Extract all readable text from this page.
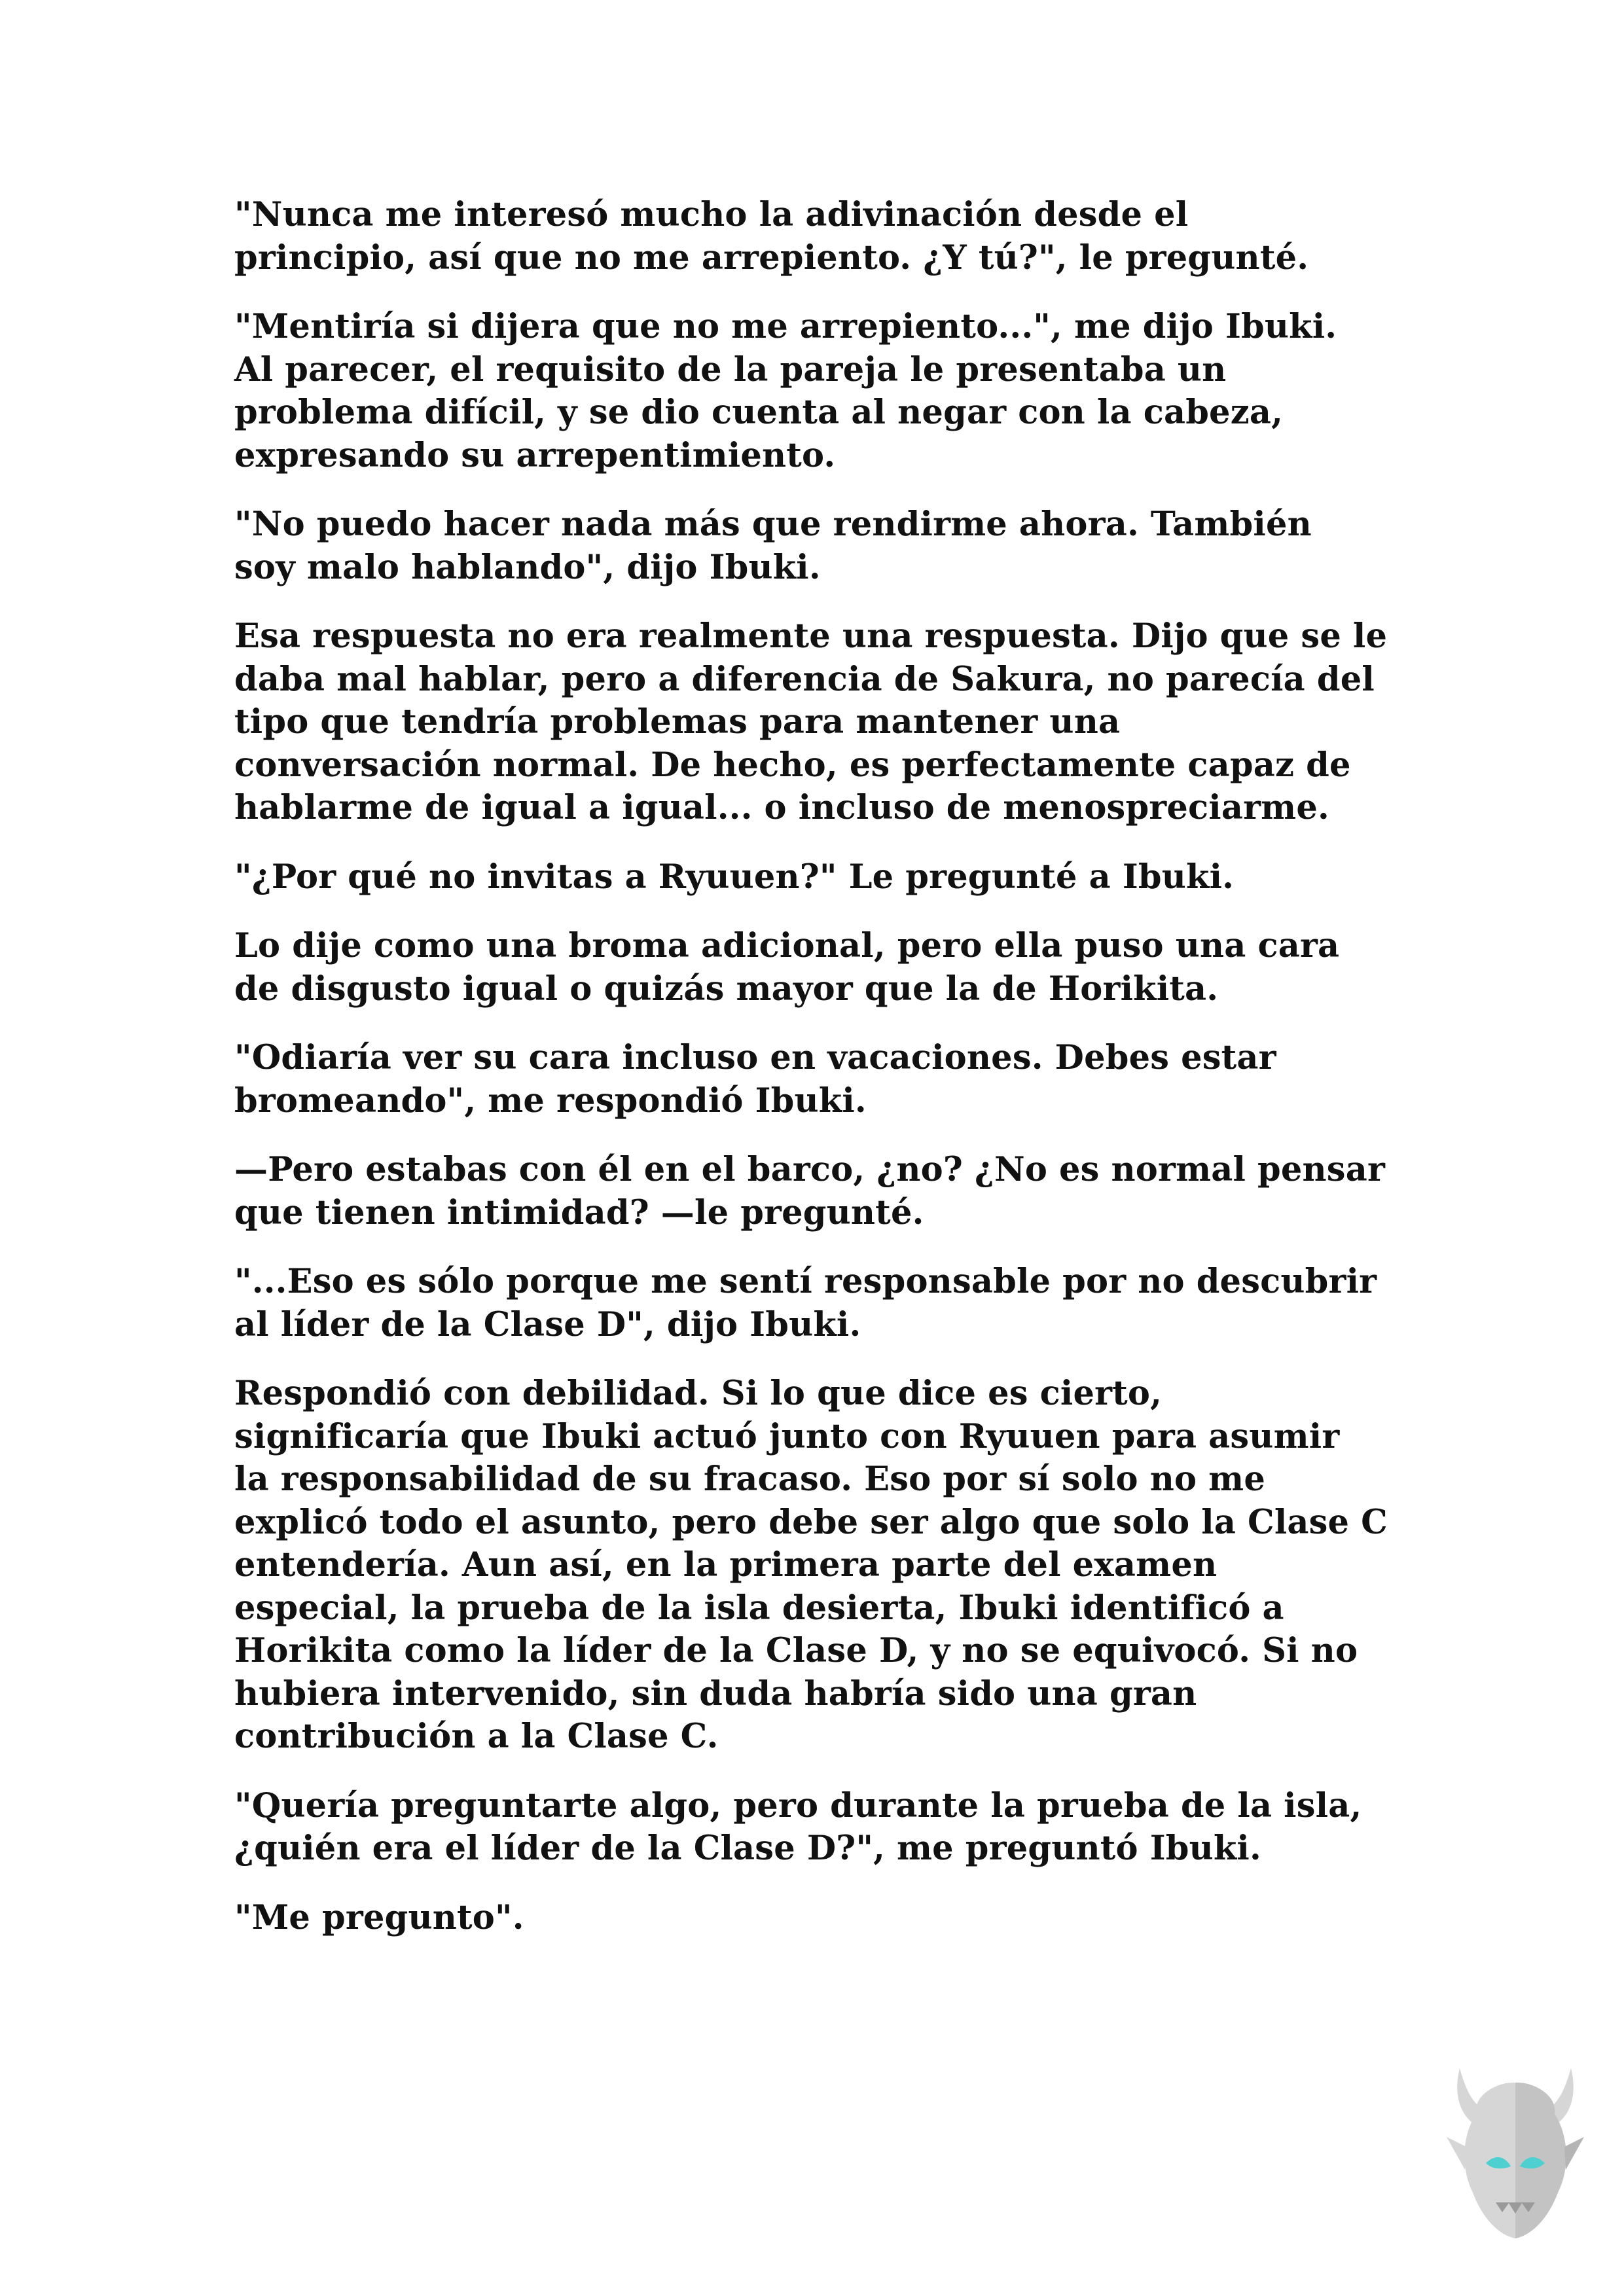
"Nunca me interesó mucho la adivinación desde el
principio, así que no me arrepiento. ¿Y tú?", le pregunté.

"Mentiría si dijera que no me arrepiento...", me dijo Ibuki.
Al parecer, el requisito de la pareja le presentaba un
problema difícil, y se dio cuenta al negar con la cabeza,
expresando su arrepentimiento.

"No puedo hacer nada más que rendirme ahora. También
soy malo hablando", dijo Ibuki.

Esa respuesta no era realmente una respuesta. Dijo que se le
daba mal hablar, pero a diferencia de Sakura, no parecía del
tipo que tendría problemas para mantener una
conversación normal. De hecho, es perfectamente capaz de
hablarme de igual a igual... o incluso de menospreciarme.

"¿Por qué no invitas a Ryuuen?" Le pregunté a Ibuki.

Lo dije como una broma adicional, pero ella puso una cara
de disgusto igual o quizás mayor que la de Horikita.

"Odiaría ver su cara incluso en vacaciones. Debes estar
bromeando", me respondió Ibuki.

—Pero estabas con él en el barco, ¿no? ¿No es normal pensar
que tienen intimidad? —le pregunté.

"...Eso es sólo porque me sentí responsable por no descubrir
al líder de la Clase D", dijo Ibuki.

Respondió con debilidad. Si lo que dice es cierto,
significaría que Ibuki actuó junto con Ryuuen para asumir
la responsabilidad de su fracaso. Eso por sí solo no me
explicó todo el asunto, pero debe ser algo que solo la Clase C
entendería. Aun así, en la primera parte del examen
especial, la prueba de la isla desierta, Ibuki identificó a
Horikita como la líder de la Clase D, y no se equivocó. Si no
hubiera intervenido, sin duda habría sido una gran
contribución a la Clase C.

"Quería preguntarte algo, pero durante la prueba de la isla,
¿quién era el líder de la Clase D?", me preguntó Ibuki.

"Me pregunto".
